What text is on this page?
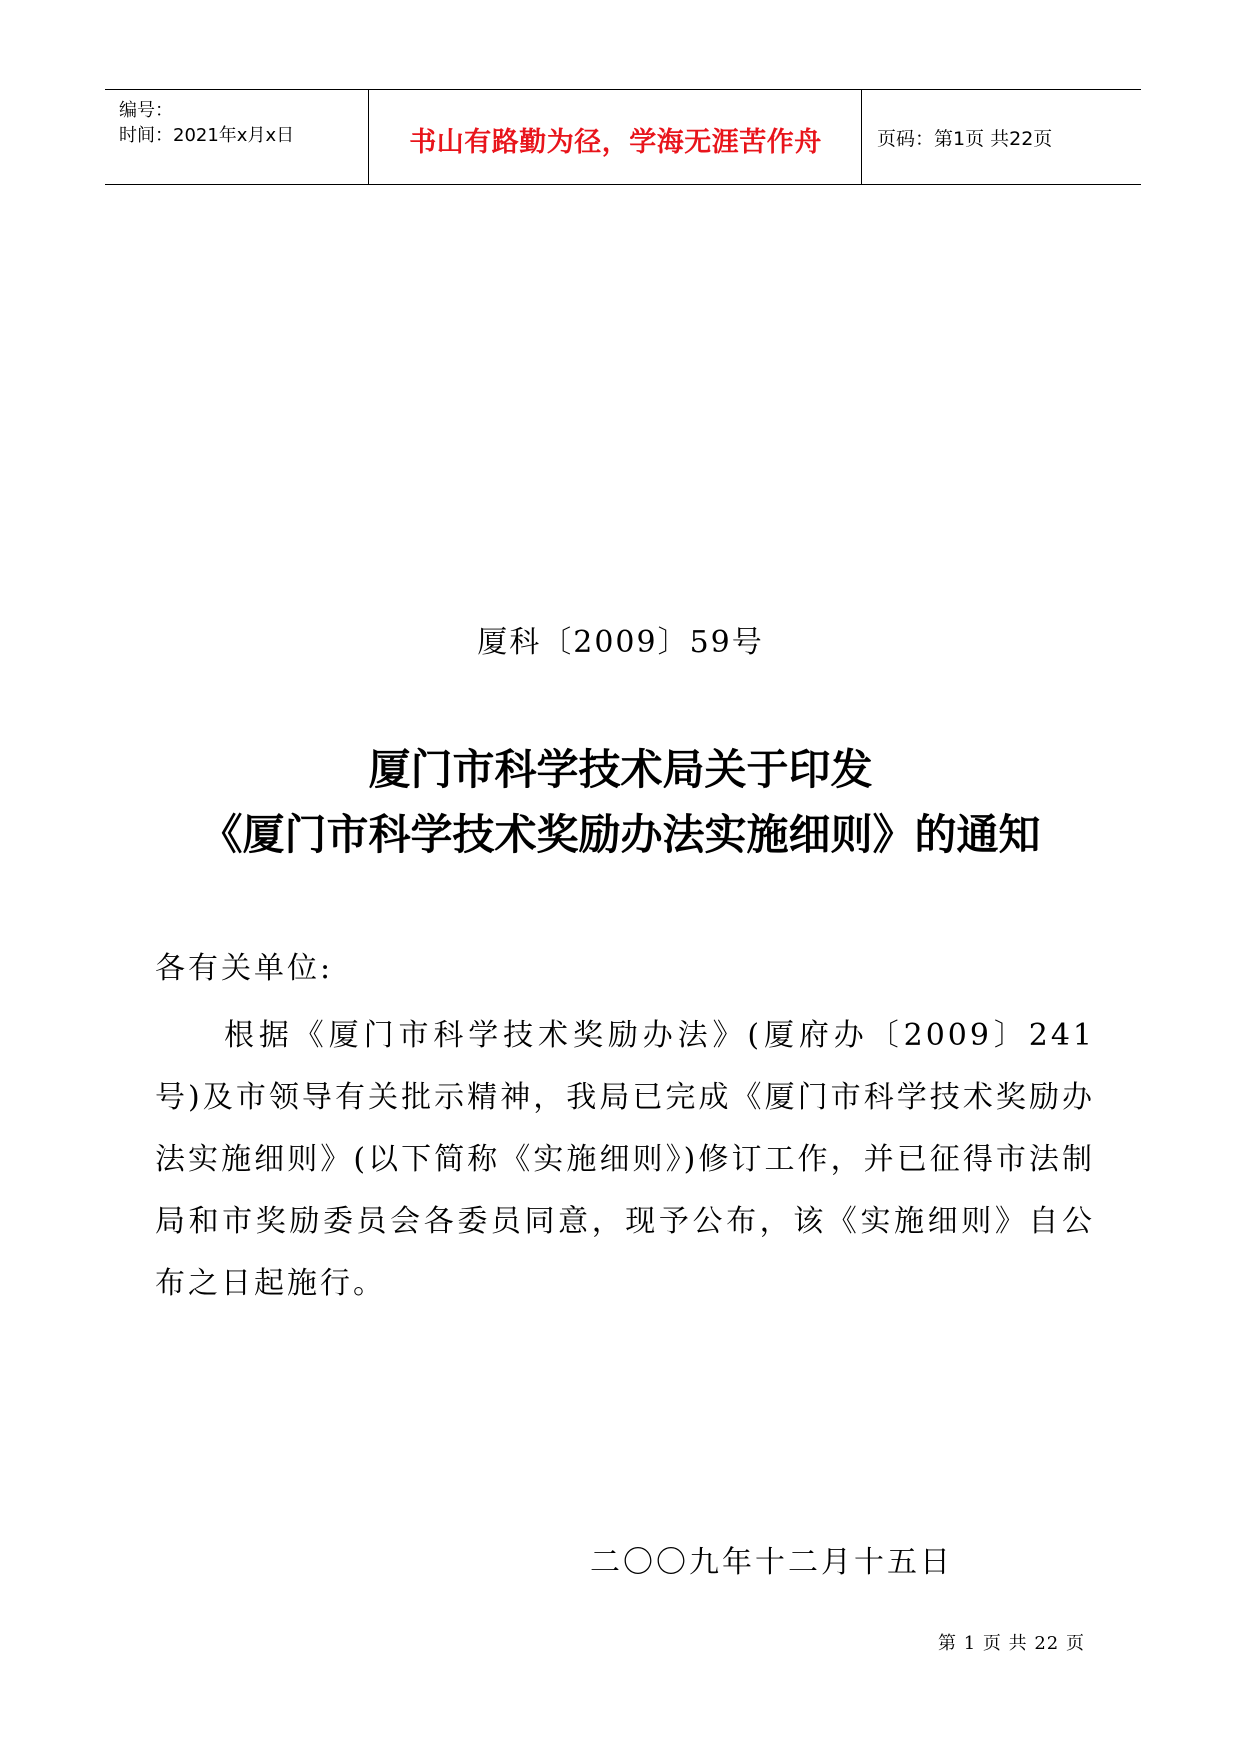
编号：
时间：2021年x月x日	书山有路勤为径，学海无涯苦作舟	页码：第1页 共22页
厦科〔2009〕59号
厦门市科学技术局关于印发
《厦门市科学技术奖励办法实施细则》的通知
各有关单位:
根据《厦门市科学技术奖励办法》(厦府办〔2009〕241号)及市领导有关批示精神，我局已完成《厦门市科学技术奖励办法实施细则》(以下简称《实施细则》)修订工作，并已征得市法制局和市奖励委员会各委员同意，现予公布，该《实施细则》自公布之日起施行。
二〇〇九年十二月十五日
第 1 页 共 22 页
